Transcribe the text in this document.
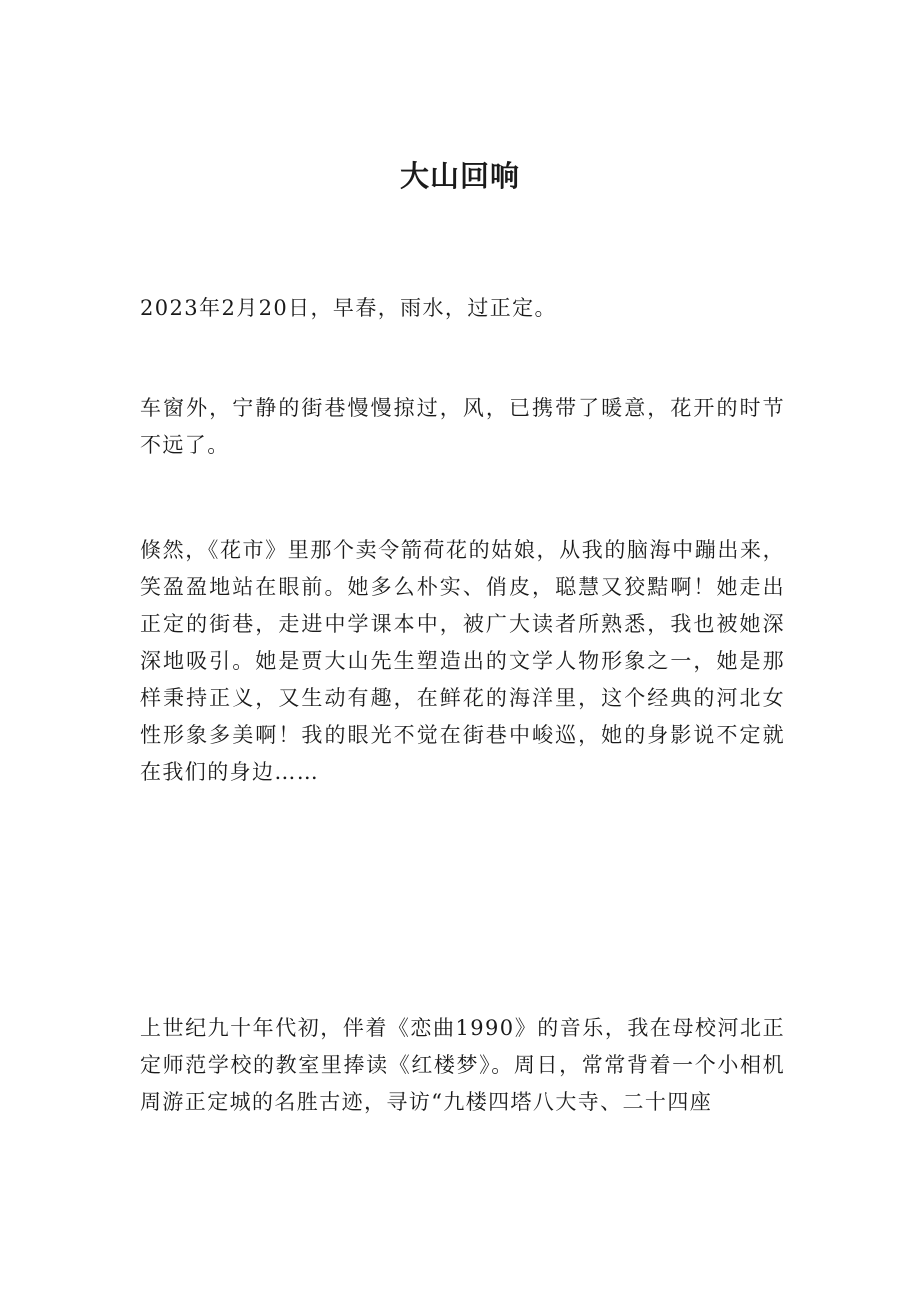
大山回响

2023年2月20日，早春，雨水，过正定。

车窗外，宁静的街巷慢慢掠过，风，已携带了暖意，花开的时节不远了。

倏然，《花市》里那个卖令箭荷花的姑娘，从我的脑海中蹦出来，笑盈盈地站在眼前。她多么朴实、俏皮，聪慧又狡黠啊！她走出正定的街巷，走进中学课本中，被广大读者所熟悉，我也被她深深地吸引。她是贾大山先生塑造出的文学人物形象之一，她是那样秉持正义，又生动有趣，在鲜花的海洋里，这个经典的河北女性形象多美啊！我的眼光不觉在街巷中峻巡，她的身影说不定就在我们的身边……

上世纪九十年代初，伴着《恋曲1990》的音乐，我在母校河北正定师范学校的教室里捧读《红楼梦》。周日，常常背着一个小相机周游正定城的名胜古迹，寻访“九楼四塔八大寺、二十四座
